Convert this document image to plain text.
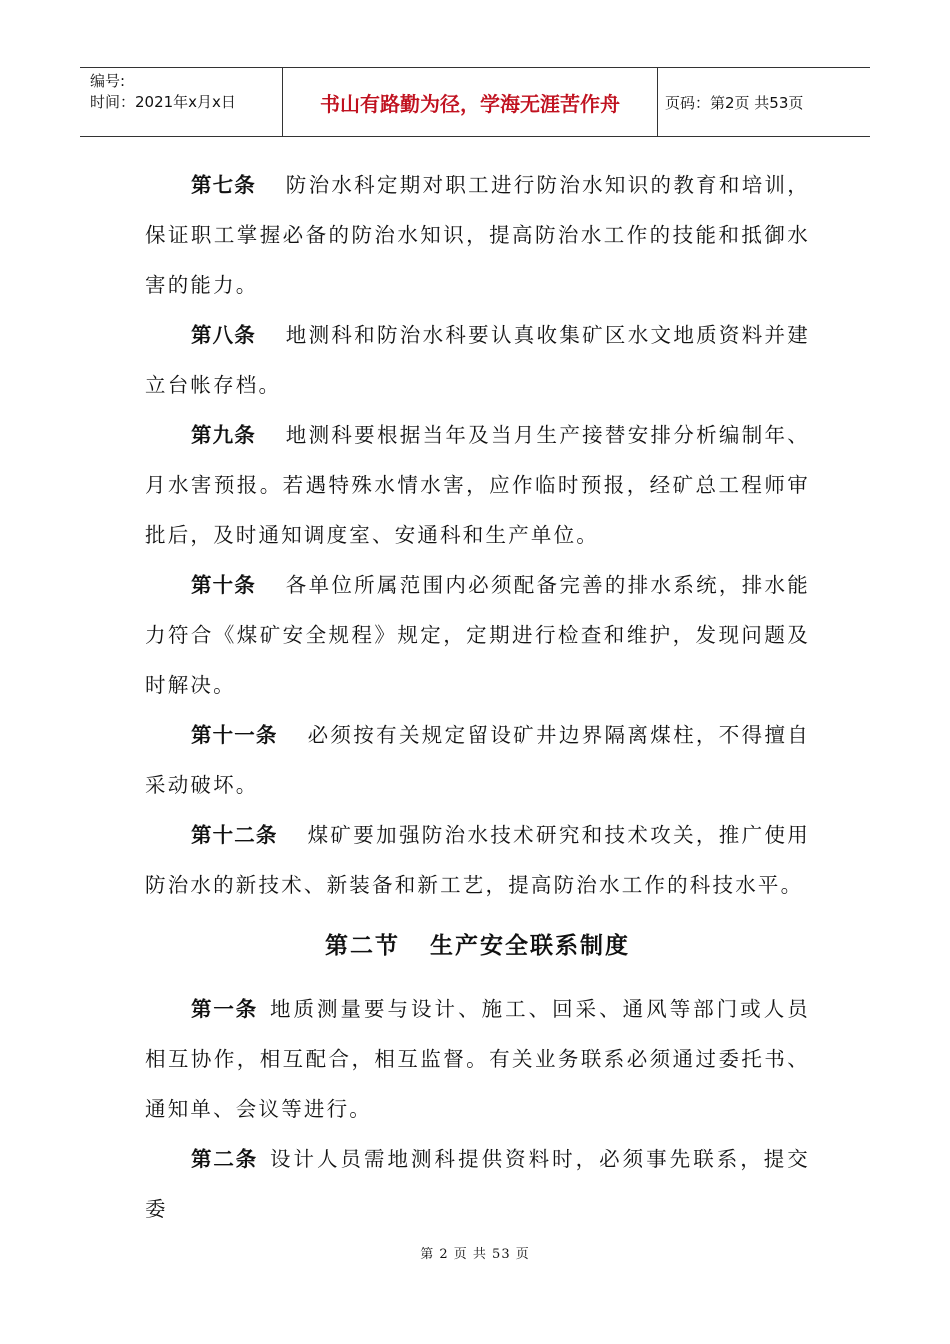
编号:
时间：2021年x月x日	书山有路勤为径，学海无涯苦作舟	页码：第2页 共53页

第七条 防治水科定期对职工进行防治水知识的教育和培训，保证职工掌握必备的防治水知识，提高防治水工作的技能和抵御水害的能力。

第八条 地测科和防治水科要认真收集矿区水文地质资料并建立台帐存档。

第九条 地测科要根据当年及当月生产接替安排分析编制年、月水害预报。若遇特殊水情水害，应作临时预报，经矿总工程师审批后，及时通知调度室、安通科和生产单位。

第十条 各单位所属范围内必须配备完善的排水系统，排水能力符合《煤矿安全规程》规定，定期进行检查和维护，发现问题及时解决。

第十一条 必须按有关规定留设矿井边界隔离煤柱，不得擅自采动破坏。

第十二条 煤矿要加强防治水技术研究和技术攻关，推广使用防治水的新技术、新装备和新工艺，提高防治水工作的科技水平。

第二节 生产安全联系制度

第一条 地质测量要与设计、施工、回采、通风等部门或人员相互协作，相互配合，相互监督。有关业务联系必须通过委托书、通知单、会议等进行。

第二条 设计人员需地测科提供资料时，必须事先联系，提交委

第 2 页 共 53 页
